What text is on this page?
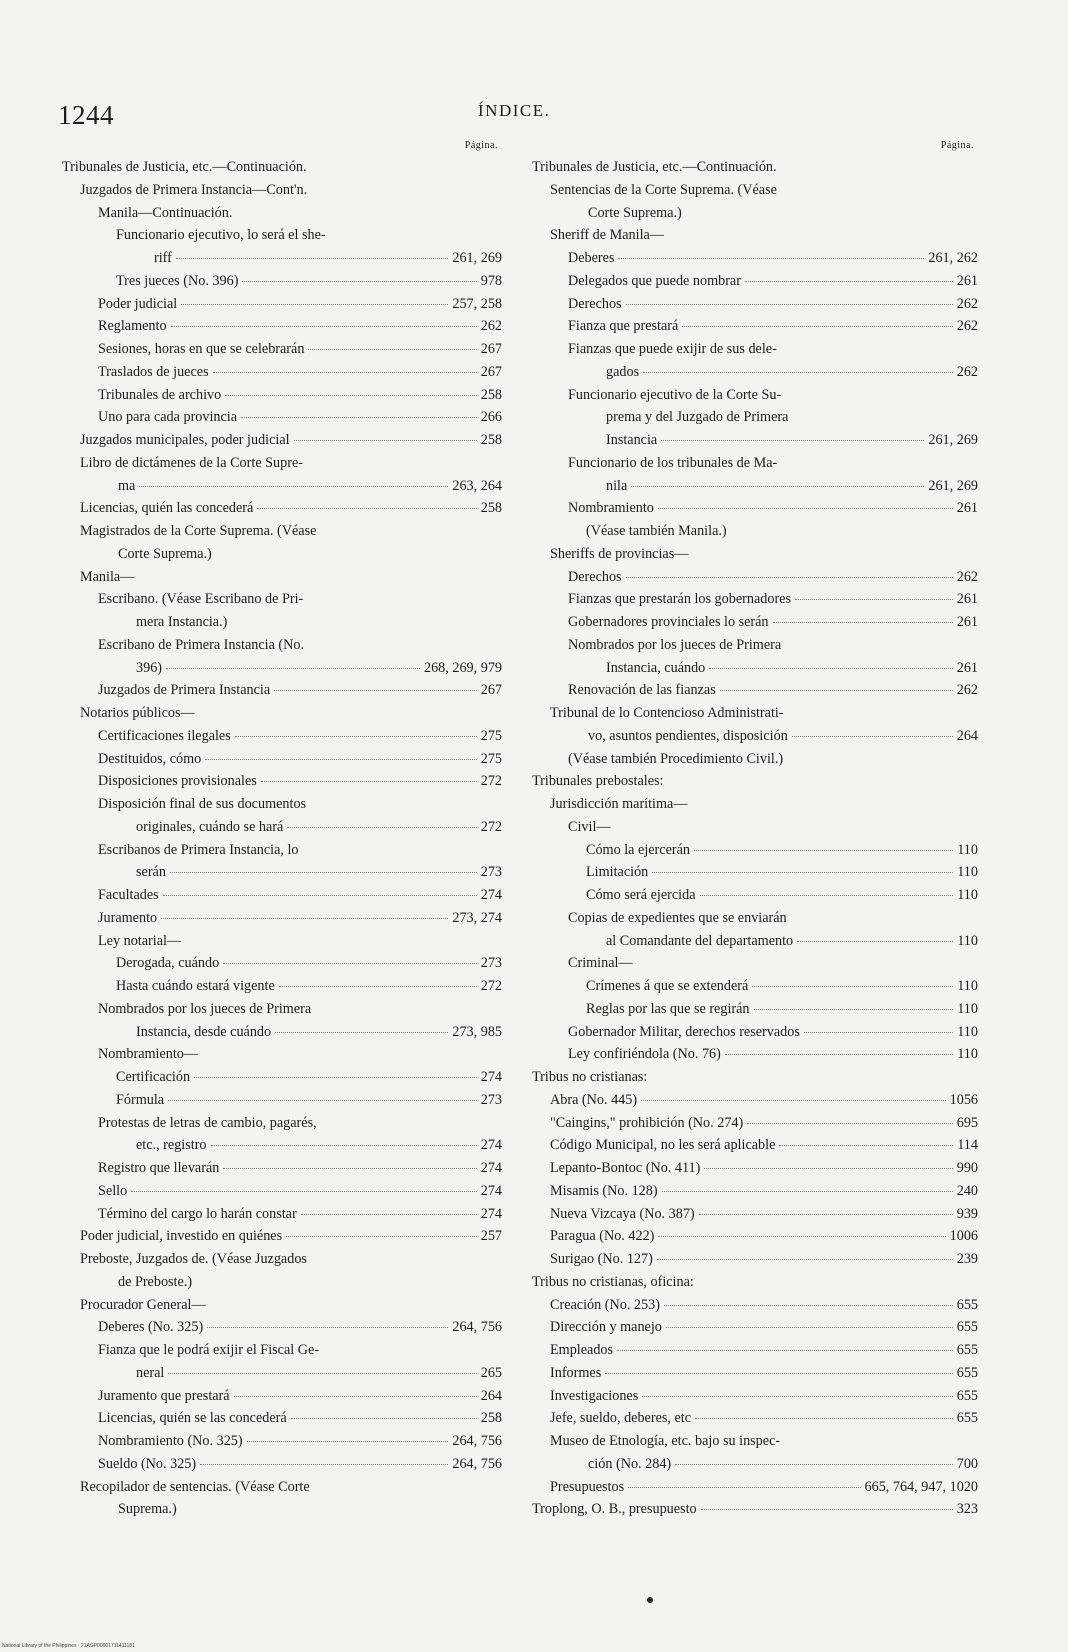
1244	ÍNDICE.
Página.
Tribunales de Justicia, etc.—Continuación.
Juzgados de Primera Instancia—Cont'n.
Manila—Continuación.
Funcionario ejecutivo, lo será el she-
riff	261, 269
Tres jueces (No. 396)	978
Poder judicial	257, 258
Reglamento	262
Sesiones, horas en que se celebrarán	267
Traslados de jueces	267
Tribunales de archivo	258
Uno para cada provincia	266
Juzgados municipales, poder judicial	258
Libro de dictámenes de la Corte Supre-
ma	263, 264
Licencias, quién las concederá	258
Magistrados de la Corte Suprema. (Véase
Corte Suprema.)
Manila—
Escribano. (Véase Escribano de Pri-
mera Instancia.)
Escribano de Primera Instancia (No.
396)	268, 269, 979
Juzgados de Primera Instancia	267
Notarios públicos—
Certificaciones ilegales	275
Destituidos, cómo	275
Disposiciones provisionales	272
Disposición final de sus documentos
originales, cuándo se hará	272
Escribanos de Primera Instancia, lo
serán	273
Facultades	274
Juramento	273, 274
Ley notarial—
Derogada, cuándo	273
Hasta cuándo estará vigente	272
Nombrados por los jueces de Primera
Instancia, desde cuándo	273, 985
Nombramiento—
Certificación	274
Fórmula	273
Protestas de letras de cambio, pagarés,
etc., registro	274
Registro que llevarán	274
Sello	274
Término del cargo lo harán constar	274
Poder judicial, investido en quiénes	257
Preboste, Juzgados de. (Véase Juzgados
de Preboste.)
Procurador General—
Deberes (No. 325)	264, 756
Fianza que le podrá exijir el Fiscal Ge-
neral	265
Juramento que prestará	264
Licencias, quién se las concederá	258
Nombramiento (No. 325)	264, 756
Sueldo (No. 325)	264, 756
Recopilador de sentencias. (Véase Corte
Suprema.)
Página.
Tribunales de Justicia, etc.—Continuación.
Sentencias de la Corte Suprema. (Véase
Corte Suprema.)
Sheriff de Manila—
Deberes	261, 262
Delegados que puede nombrar	261
Derechos	262
Fianza que prestará	262
Fianzas que puede exijir de sus dele-
gados	262
Funcionario ejecutivo de la Corte Su-
prema y del Juzgado de Primera
Instancia	261, 269
Funcionario de los tribunales de Ma-
nila	261, 269
Nombramiento	261
(Véase también Manila.)
Sheriffs de provincias—
Derechos	262
Fianzas que prestarán los gobernadores	261
Gobernadores provinciales lo serán	261
Nombrados por los jueces de Primera
Instancia, cuándo	261
Renovación de las fianzas	262
Tribunal de lo Contencioso Administrati-
vo, asuntos pendientes, disposición	264
(Véase también Procedimiento Civil.)
Tribunales prebostales:
Jurisdicción marítima—
Civil—
Cómo la ejercerán	110
Limitación	110
Cómo será ejercida	110
Copias de expedientes que se enviarán
al Comandante del departamento	110
Criminal—
Crímenes á que se extenderá	110
Reglas por las que se regirán	110
Gobernador Militar, derechos reservados	110
Ley confiriéndola (No. 76)	110
Tribus no cristianas:
Abra (No. 445)	1056
"Caingins," prohibición (No. 274)	695
Código Municipal, no les será aplicable	114
Lepanto-Bontoc (No. 411)	990
Misamis (No. 128)	240
Nueva Vizcaya (No. 387)	939
Paragua (No. 422)	1006
Surigao (No. 127)	239
Tribus no cristianas, oficina:
Creación (No. 253)	655
Dirección y manejo	655
Empleados	655
Informes	655
Investigaciones	655
Jefe, sueldo, deberes, etc	655
Museo de Etnología, etc. bajo su inspec-
ción (No. 284)	700
Presupuestos	665, 764, 947, 1020
Troplong, O. B., presupuesto	323
National Library of the Philippines · 21AGP00001711411181
